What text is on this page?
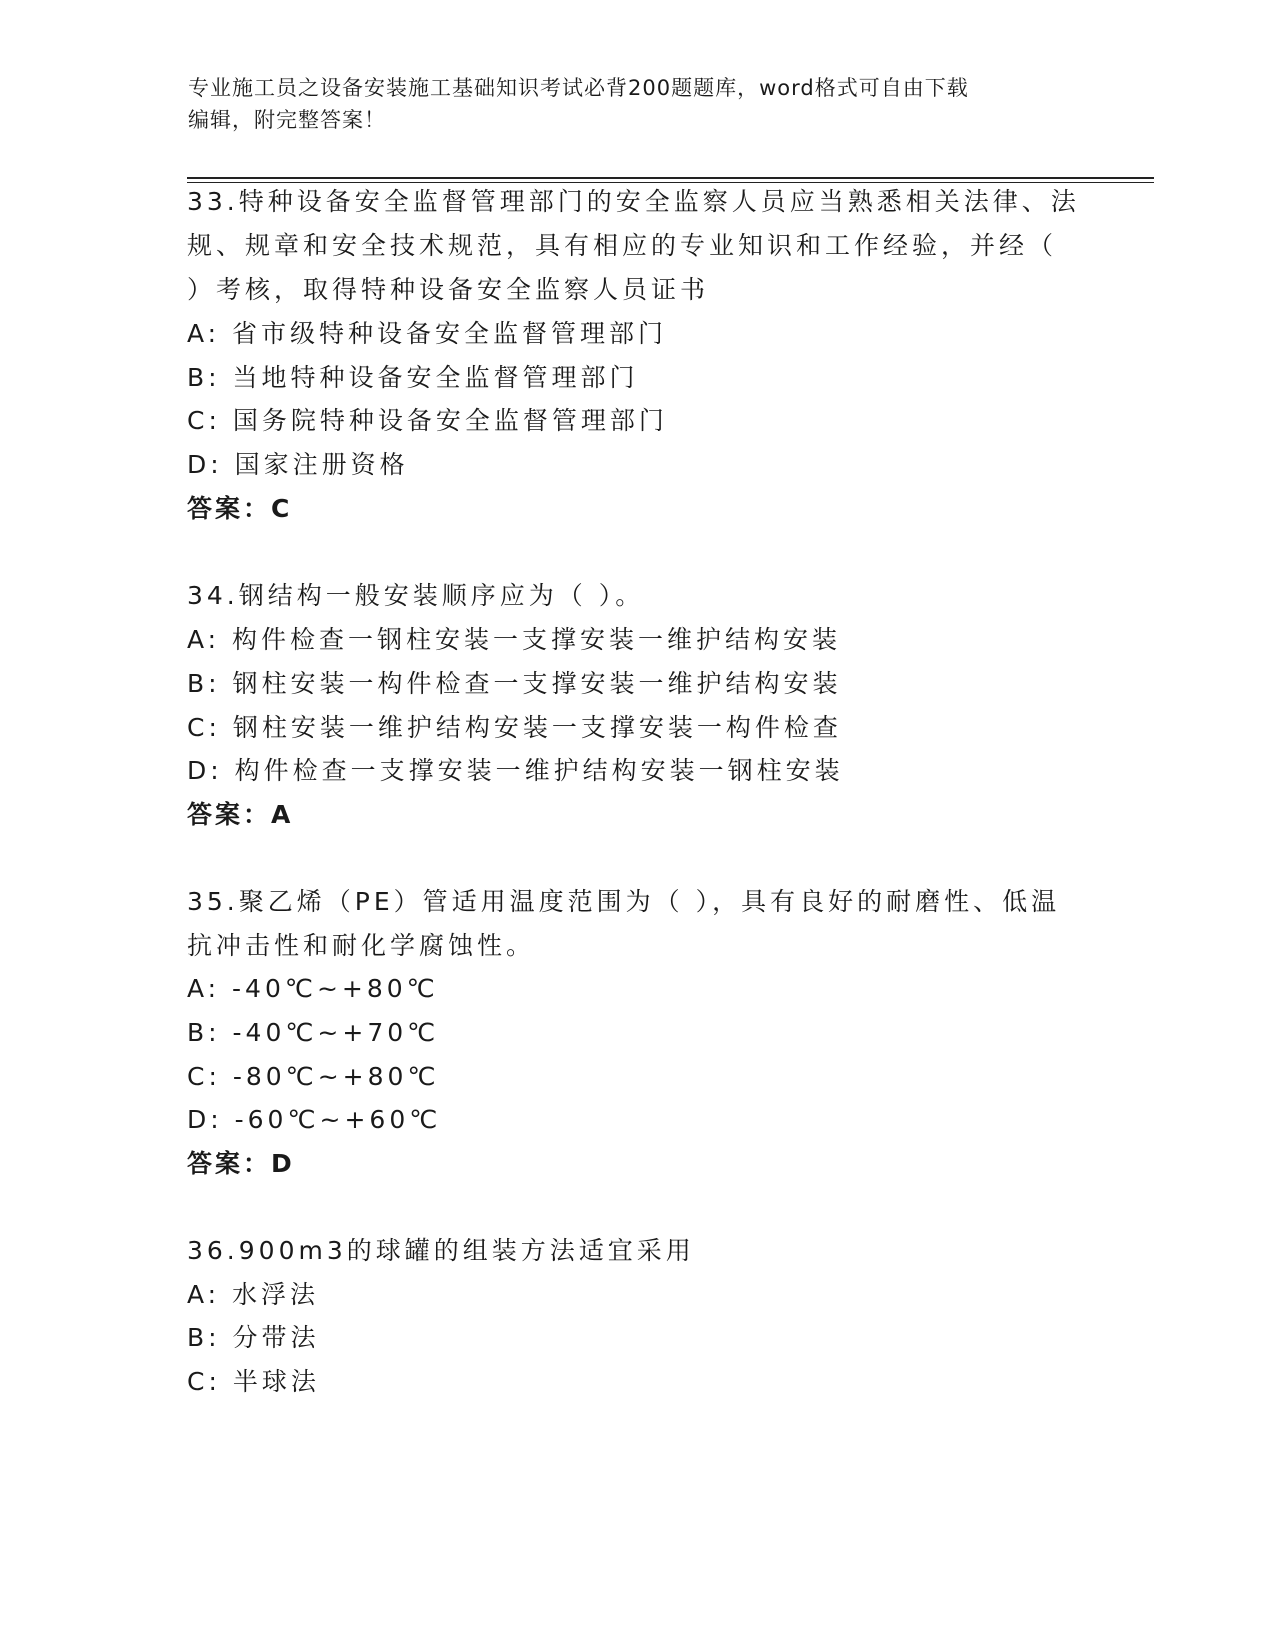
专业施工员之设备安装施工基础知识考试必背200题题库，word格式可自由下载
编辑，附完整答案！
33.特种设备安全监督管理部门的安全监察人员应当熟悉相关法律、法
规、规章和安全技术规范，具有相应的专业知识和工作经验，并经（
）考核，取得特种设备安全监察人员证书
A: 省市级特种设备安全监督管理部门
B: 当地特种设备安全监督管理部门
C: 国务院特种设备安全监督管理部门
D: 国家注册资格
答案：C
34.钢结构一般安装顺序应为（ ）。
A: 构件检查一钢柱安装一支撑安装一维护结构安装
B: 钢柱安装一构件检查一支撑安装一维护结构安装
C: 钢柱安装一维护结构安装一支撑安装一构件检查
D: 构件检查一支撑安装一维护结构安装一钢柱安装
答案：A
35.聚乙烯（PE）管适用温度范围为（ ），具有良好的耐磨性、低温
抗冲击性和耐化学腐蚀性。
A: -40℃~+80℃
B: -40℃~+70℃
C: -80℃~+80℃
D: -60℃~+60℃
答案：D
36.900m3的球罐的组装方法适宜采用
A: 水浮法
B: 分带法
C: 半球法
